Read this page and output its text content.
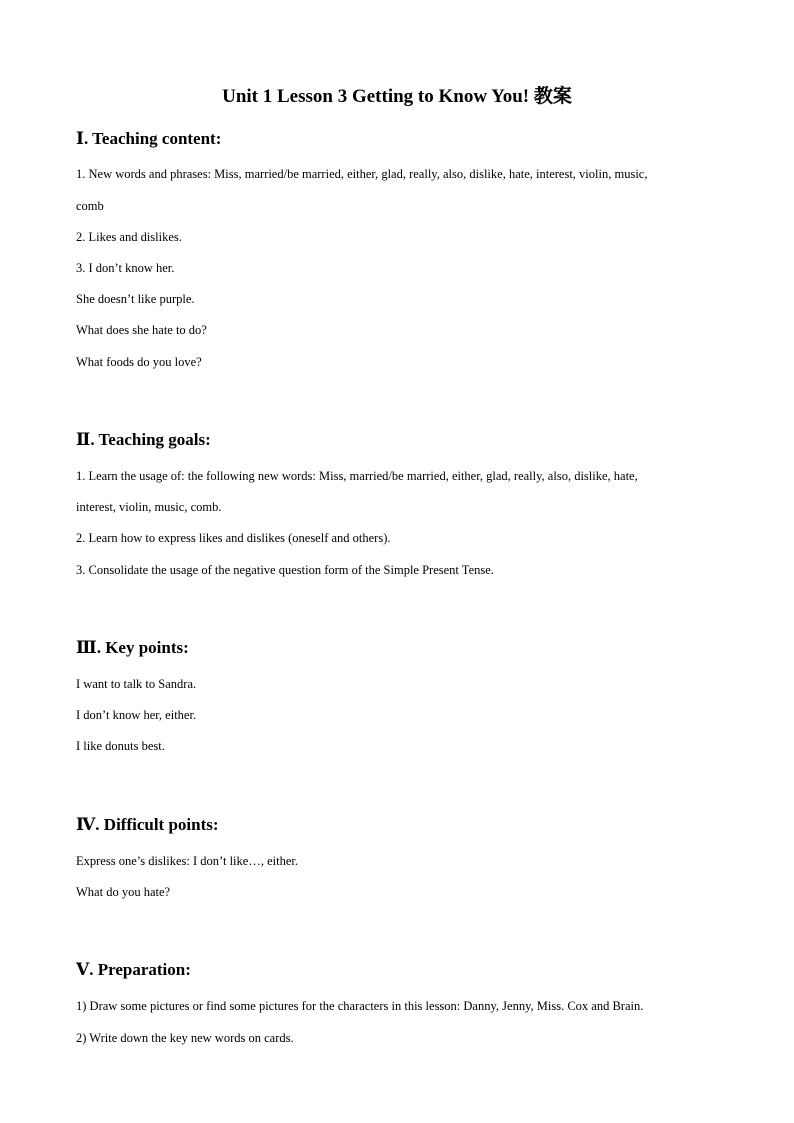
Unit 1 Lesson 3 Getting to Know You! 教案
Ⅰ. Teaching content:
1. New words and phrases: Miss, married/be married, either, glad, really, also, dislike, hate, interest, violin, music,
comb
2. Likes and dislikes.
3. I don’t know her.
She doesn’t like purple.
What does she hate to do?
What foods do you love?
Ⅱ. Teaching goals:
1. Learn the usage of: the following new words: Miss, married/be married, either, glad, really, also, dislike, hate,
interest, violin, music, comb.
2. Learn how to express likes and dislikes (oneself and others).
3. Consolidate the usage of the negative question form of the Simple Present Tense.
Ⅲ. Key points:
I want to talk to Sandra.
I don’t know her, either.
I like donuts best.
Ⅳ. Difficult points:
Express one’s dislikes: I don’t like…, either.
What do you hate?
Ⅴ. Preparation:
1) Draw some pictures or find some pictures for the characters in this lesson: Danny, Jenny, Miss. Cox and Brain.
2) Write down the key new words on cards.
